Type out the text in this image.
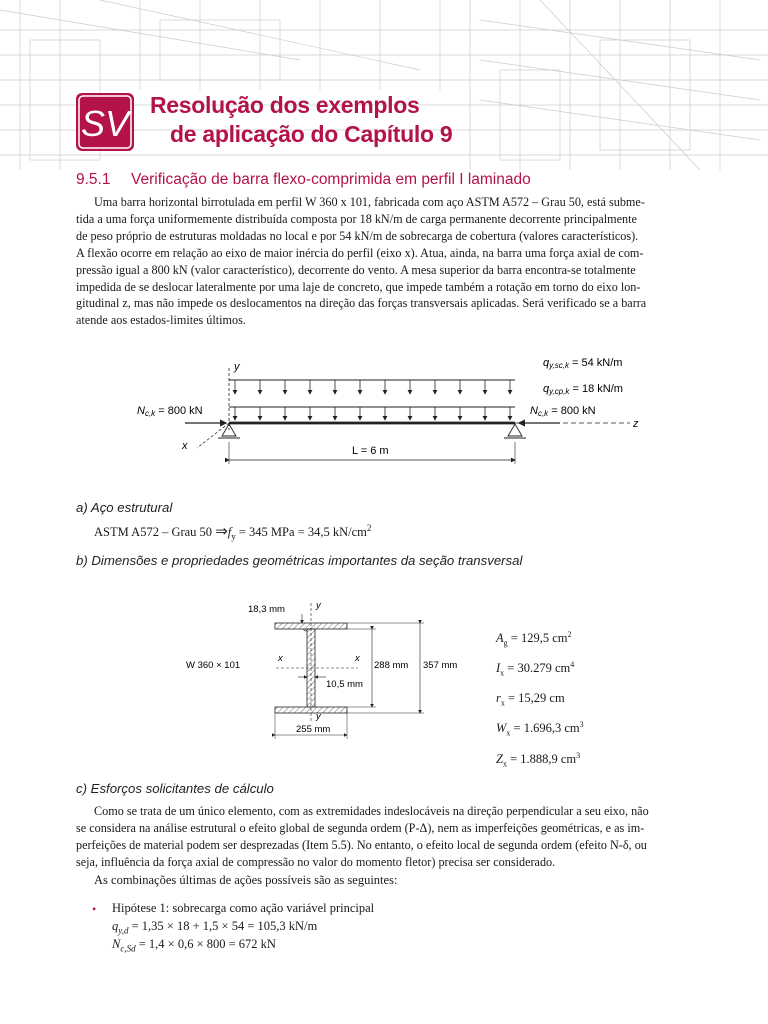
SV Resolução dos exemplos
de aplicação do Capítulo 9
9.5.1 Verificação de barra flexo-comprimida em perfil I laminado
Uma barra horizontal birrotulada em perfil W 360 x 101, fabricada com aço ASTM A572 – Grau 50, está subme-
tida a uma força uniformemente distribuída composta por 18 kN/m de carga permanente decorrente principalmente
de peso próprio de estruturas moldadas no local e por 54 kN/m de sobrecarga de cobertura (valores característicos).
A flexão ocorre em relação ao eixo de maior inércia do perfil (eixo x). Atua, ainda, na barra uma força axial de com-
pressão igual a 800 kN (valor característico), decorrente do vento. A mesa superior da barra encontra-se totalmente
impedida de se deslocar lateralmente por uma laje de concreto, que impede também a rotação em torno do eixo lon-
gitudinal z, mas não impede os deslocamentos na direção das forças transversais aplicadas. Será verificado se a barra
atende aos estados-limites últimos.
y
z
x	L = 6 m
qy,sc,k = 54 kN/m
qy,cp,k = 18 kN/m
Nc,k = 800 kN	Nc,k = 800 kN
a) Aço estrutural
ASTM A572 – Grau 50 $\Rightarrow f_y = 345$ MPa = 34,5 $kN/cm^2$
b) Dimensões e propriedades geométricas importantes da seção transversal
y
y
x	x
18,3 mm
10,5 mm
288 mm 357 mm
255 mm
W 360 × 101
$A_g = 129,5$ $cm^2$
$I_x = 30.279$ $cm^4$
$r_x = 15,29$ cm
$W_x = 1.696,3$ $cm^3$
$Z_x = 1.888,9$ $cm^3$
c) Esforços solicitantes de cálculo
Como se trata de um único elemento, com as extremidades indeslocáveis na direção perpendicular a seu eixo, não
se considera na análise estrutural o efeito global de segunda ordem (P-Δ), nem as imperfeições geométricas, e as im-
perfeições de material podem ser desprezadas (Item 5.5). No entanto, o efeito local de segunda ordem (efeito N-δ, ou
seja, influência da força axial de compressão no valor do momento fletor) precisa ser considerado.
As combinações últimas de ações possíveis são as seguintes:
• Hipótese 1: sobrecarga como ação variável principal
$q_{y,d} = 1,35 \times 18 + 1,5 \times 54 = 105,3$ kN/m
$N_{c,Sd} = 1,4 \times 0,6 \times 800 = 672$ kN
